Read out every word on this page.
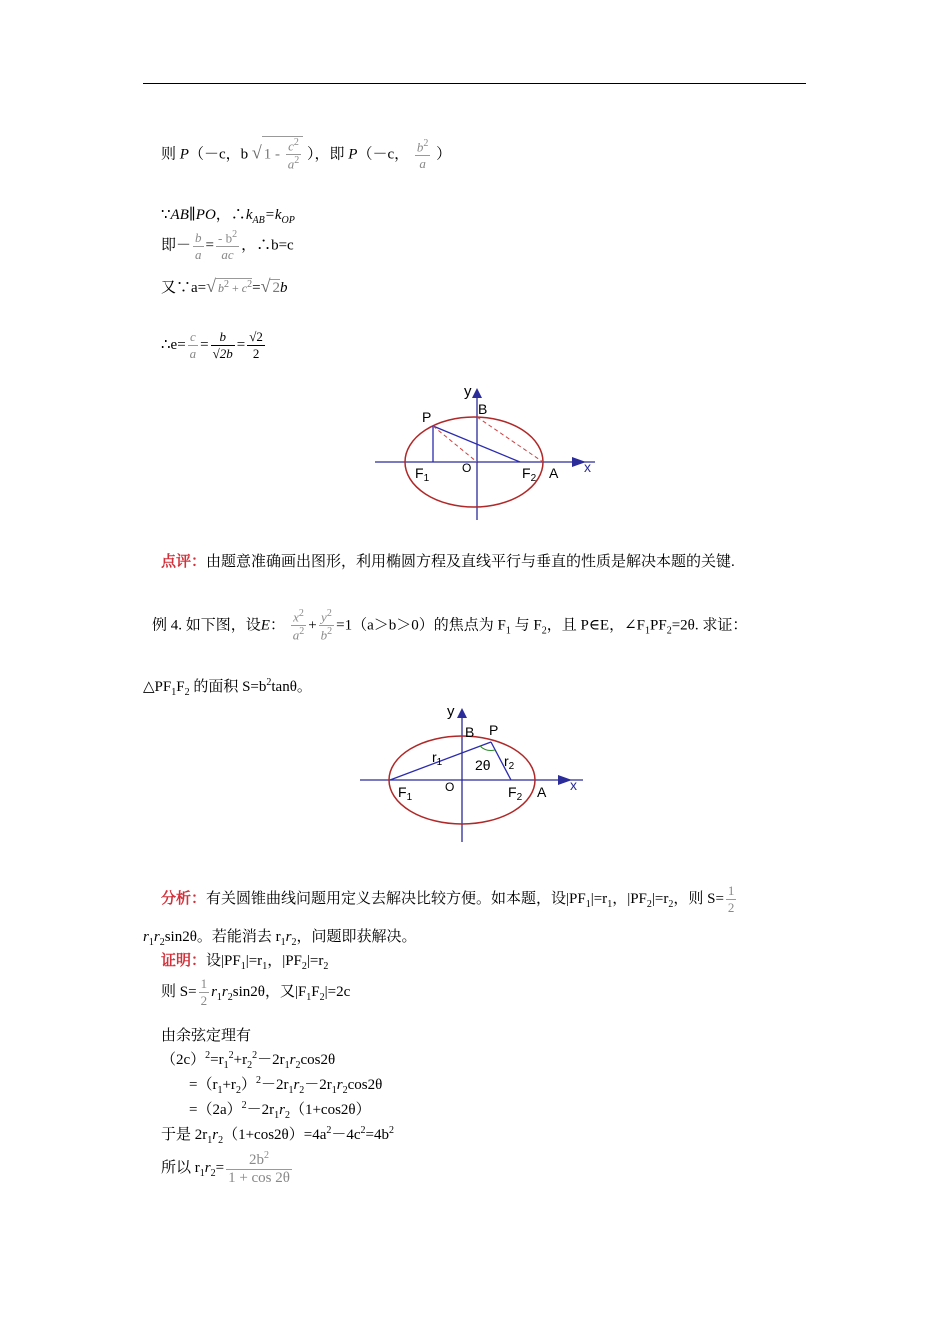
则 P（－c，b √ $1 - \frac{c^2}{a^2}$ ），即 P（－c， $\frac{b^2}{a}$ ）
∵AB∥PO，$\therefore k_{AB}=k_{OP}$
即－ $\frac{b}{a} = \frac{- b^2}{ac}$ ，∴b=c
又∵a=√ $b^2 + c^2=√$ 2b
∴e= $\frac{c}{a} = \frac{b}{√2b} = \frac{√2}{2}$
y
B
P
$F_1$
O	$F_2$ A x
点评：由题意准确画出图形，利用椭圆方程及直线平行与垂直的性质是解决本题的关键.
例 4. 如下图，设E： $\frac{x^2}{a^2} + \frac{y^2}{b^2} =1(a>b>0)$的焦点为 $F_1$ 与 $F_2$，且 P∈E，$\angle F_1PF_2=2\theta$. 求证：
$\triangle PF_1F_2$ 的面积 $S=b^2\tan\theta$。
y
B P
$r_1$ 2θ $r_2$
$F_1$
O	$F_2$ A x
分析：有关圆锥曲线问题用定义去解决比较方便。如本题，设$|PF_1|=r_1$，$|PF_2|=r_2$，则 $S= \frac{1}{2}$
$r_1r_2\sin 2\theta$。若能消去 $r_1r_2$，问题即获解决。
证明：设$|PF_1|=r_1$，$|PF_2|=r_2$
则 $S= \frac{1}{2} r_1r_2\sin 2\theta$，又$|F_1F_2|=2c$
由余弦定理有
$(2c)^2=r_1^2+r_2^2-2r_1r_2\cos 2\theta$
$=(r_1+r_2)^2-2r_1r_2-2r_1r_2\cos 2\theta$
$=(2a)^2-2r_1r_2(1+\cos 2\theta)$
于是 $2r_1r_2(1+\cos 2\theta)=4a^2-4c^2=4b^2$
所以 $r_1r_2= \frac{2b^2}{1 + \cos 2\theta}$
